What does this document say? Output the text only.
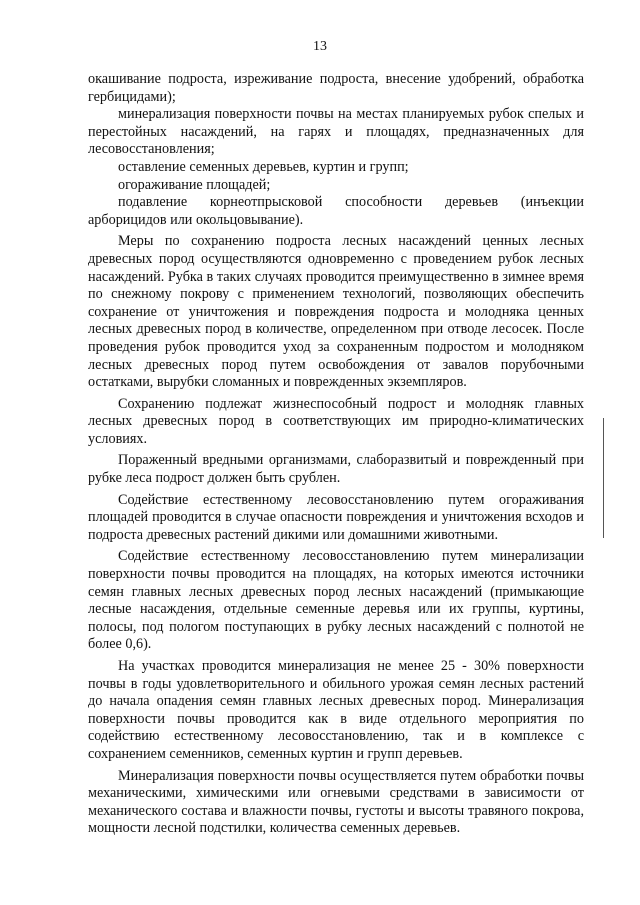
13

окашивание подроста, изреживание подроста, внесение удобрений, обработка гербицидами);

минерализация поверхности почвы на местах планируемых рубок спелых и перестойных насаждений, на гарях и площадях, предназначенных для лесовосстановления;

оставление семенных деревьев, куртин и групп;

огораживание площадей;

подавление корнеотпрысковой способности деревьев (инъекции арборицидов или окольцовывание).

Меры по сохранению подроста лесных насаждений ценных лесных древесных пород осуществляются одновременно с проведением рубок лесных насаждений. Рубка в таких случаях проводится преимущественно в зимнее время по снежному покрову с применением технологий, позволяющих обеспечить сохранение от уничтожения и повреждения подроста и молодняка ценных лесных древесных пород в количестве, определенном при отводе лесосек. После проведения рубок проводится уход за сохраненным подростом и молодняком лесных древесных пород путем освобождения от завалов порубочными остатками, вырубки сломанных и поврежденных экземпляров.

Сохранению подлежат жизнеспособный подрост и молодняк главных лесных древесных пород в соответствующих им природно-климатических условиях.

Пораженный вредными организмами, слаборазвитый и поврежденный при рубке леса подрост должен быть срублен.

Содействие естественному лесовосстановлению путем огораживания площадей проводится в случае опасности повреждения и уничтожения всходов и подроста древесных растений дикими или домашними животными.

Содействие естественному лесовосстановлению путем минерализации поверхности почвы проводится на площадях, на которых имеются источники семян главных лесных древесных пород лесных насаждений (примыкающие лесные насаждения, отдельные семенные деревья или их группы, куртины, полосы, под пологом поступающих в рубку лесных насаждений с полнотой не более 0,6).

На участках проводится минерализация не менее 25 - 30% поверхности почвы в годы удовлетворительного и обильного урожая семян лесных растений до начала опадения семян главных лесных древесных пород. Минерализация поверхности почвы проводится как в виде отдельного мероприятия по содействию естественному лесовосстановлению, так и в комплексе с сохранением семенников, семенных куртин и групп деревьев.

Минерализация поверхности почвы осуществляется путем обработки почвы механическими, химическими или огневыми средствами в зависимости от механического состава и влажности почвы, густоты и высоты травяного покрова, мощности лесной подстилки, количества семенных деревьев.
